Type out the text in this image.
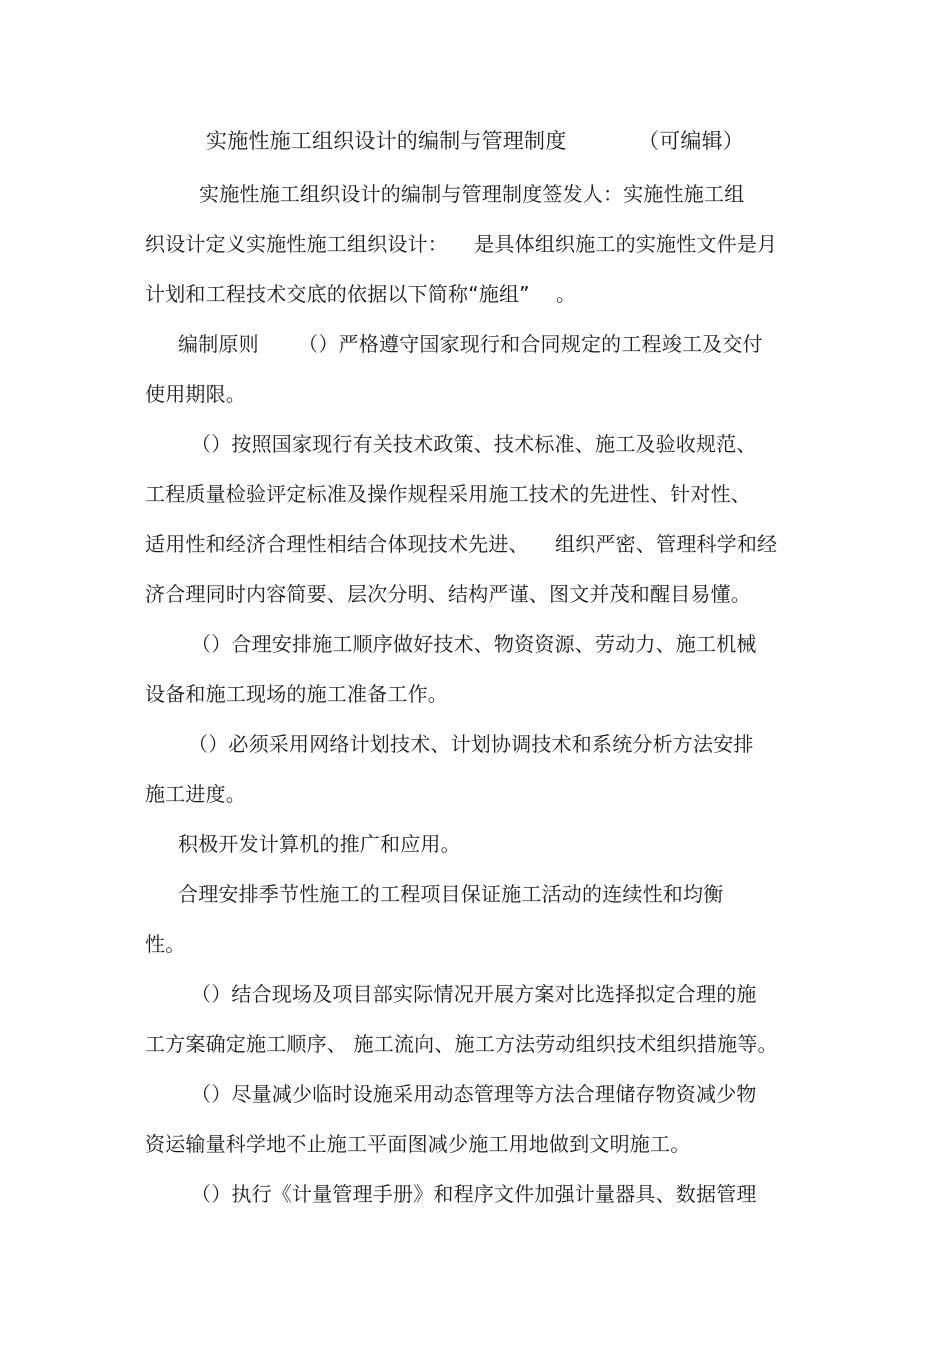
实施性施工组织设计的编制与管理制度	（可编辑）
实施性施工组织设计的编制与管理制度签发人：实施性施工组
织设计定义实施性施工组织设计：    是具体组织施工的实施性文件是月
计划和工程技术交底的依据以下简称“施组”    。
编制原则      （）严格遵守国家现行和合同规定的工程竣工及交付
使用期限。
（）按照国家现行有关技术政策、技术标准、施工及验收规范、
工程质量检验评定标准及操作规程采用施工技术的先进性、针对性、
适用性和经济合理性相结合体现技术先进、    组织严密、管理科学和经
济合理同时内容简要、层次分明、结构严谨、图文并茂和醒目易懂。
（）合理安排施工顺序做好技术、物资资源、劳动力、施工机械
设备和施工现场的施工准备工作。
（）必须采用网络计划技术、计划协调技术和系统分析方法安排
施工进度。
积极开发计算机的推广和应用。
合理安排季节性施工的工程项目保证施工活动的连续性和均衡
性。
（）结合现场及项目部实际情况开展方案对比选择拟定合理的施
工方案确定施工顺序、 施工流向、施工方法劳动组织技术组织措施等。
（）尽量减少临时设施采用动态管理等方法合理储存物资减少物
资运输量科学地不止施工平面图减少施工用地做到文明施工。
（）执行《计量管理手册》和程序文件加强计量器具、数据管理
